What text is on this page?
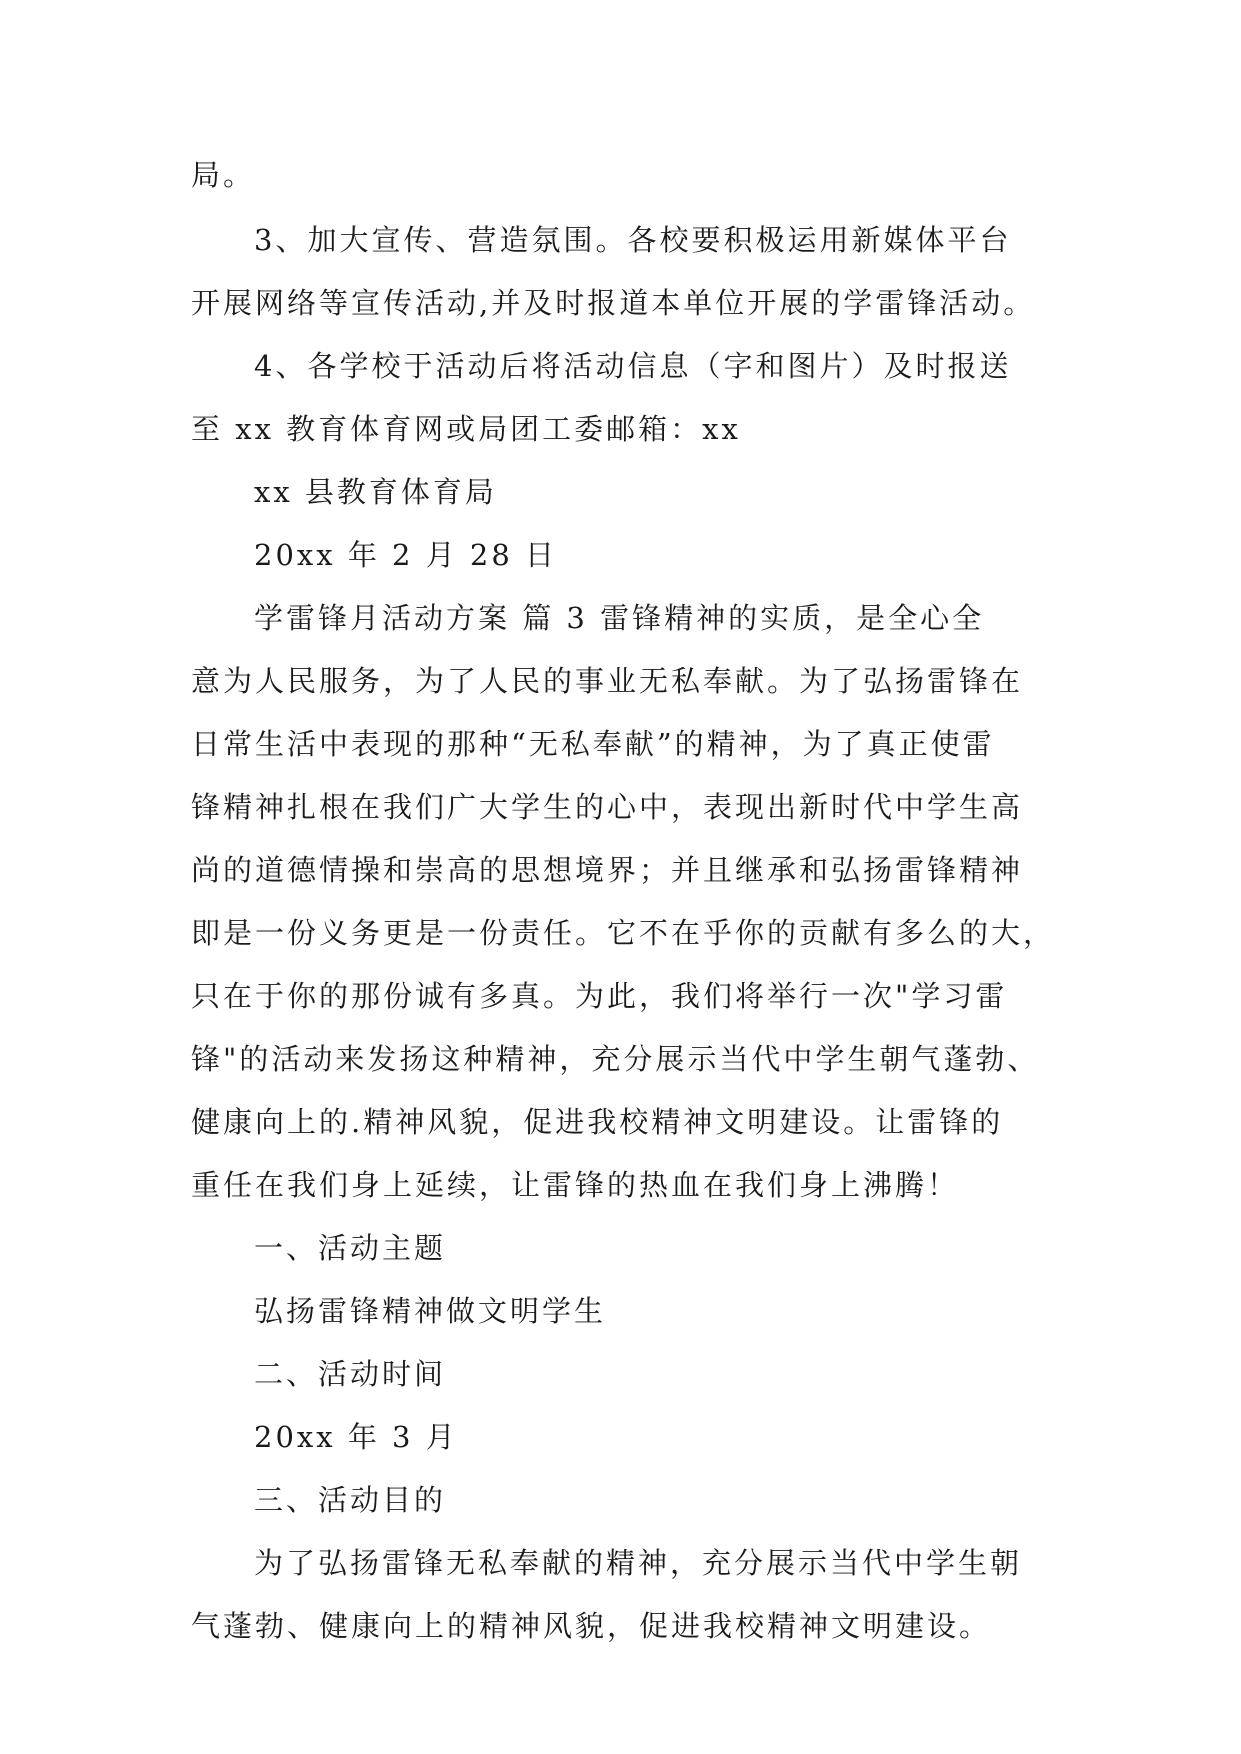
局。
3、加大宣传、营造氛围。各校要积极运用新媒体平台
开展网络等宣传活动,并及时报道本单位开展的学雷锋活动。
4、各学校于活动后将活动信息（字和图片）及时报送
至 xx 教育体育网或局团工委邮箱：xx
xx 县教育体育局
20xx 年 2 月 28 日
学雷锋月活动方案 篇 3 雷锋精神的实质，是全心全
意为人民服务，为了人民的事业无私奉献。为了弘扬雷锋在
日常生活中表现的那种“无私奉献”的精神，为了真正使雷
锋精神扎根在我们广大学生的心中，表现出新时代中学生高
尚的道德情操和崇高的思想境界；并且继承和弘扬雷锋精神
即是一份义务更是一份责任。它不在乎你的贡献有多么的大，
只在于你的那份诚有多真。为此，我们将举行一次"学习雷
锋"的活动来发扬这种精神，充分展示当代中学生朝气蓬勃、
健康向上的.精神风貌，促进我校精神文明建设。让雷锋的
重任在我们身上延续，让雷锋的热血在我们身上沸腾！
一、活动主题
弘扬雷锋精神做文明学生
二、活动时间
20xx 年 3 月
三、活动目的
为了弘扬雷锋无私奉献的精神，充分展示当代中学生朝
气蓬勃、健康向上的精神风貌，促进我校精神文明建设。
